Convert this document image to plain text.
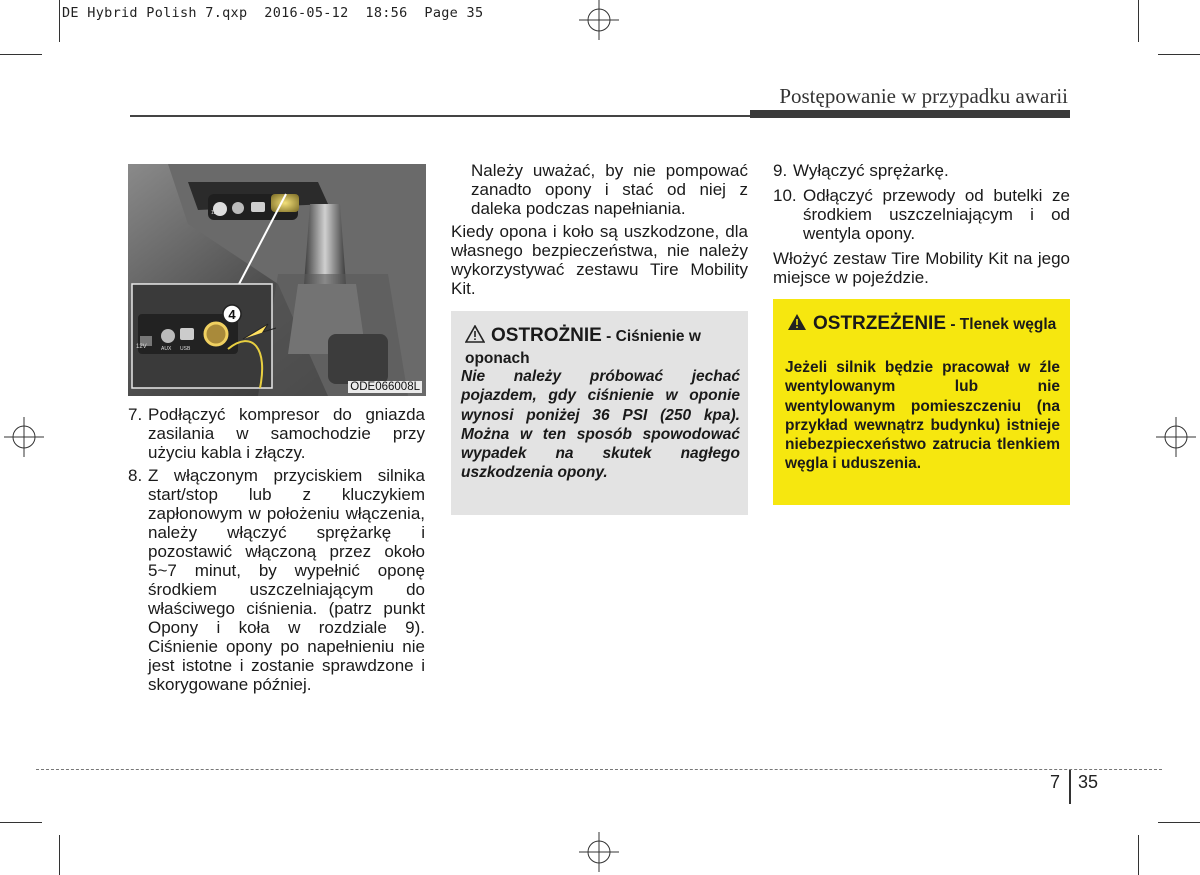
DE Hybrid Polish 7.qxp  2016-05-12  18:56  Page 35
Postępowanie w przypadku awarii
4
12V	AUX USB
12V
ODE066008L
7. Podłączyć kompresor do gniazda zasilania w samochodzie przy użyciu kabla i złączy.
8. Z włączonym przyciskiem silnika start/stop lub z kluczykiem zapłonowym w położeniu włączenia, należy włączyć sprężarkę i pozostawić włączoną przez około 5~7 minut, by wypełnić oponę środkiem uszczelniającym do właściwego ciśnienia. (patrz punkt Opony i koła w rozdziale 9). Ciśnienie opony po napełnieniu nie jest istotne i zostanie sprawdzone i skorygowane później.

Należy uważać, by nie pompować zanadto opony i stać od niej z daleka podczas napełniania.

Kiedy opona i koło są uszkodzone, dla własnego bezpieczeństwa, nie należy wykorzystywać zestawu Tire Mobility Kit.

OSTROŻNIE - Ciśnienie w oponach
Nie należy próbować jechać pojazdem, gdy ciśnienie w oponie wynosi poniżej 36 PSI (250 kpa). Można w ten sposób spowodować wypadek na skutek nagłego uszkodzenia opony.
9. Wyłączyć sprężarkę.
10. Odłączyć przewody od butelki ze środkiem uszczelniającym i od wentyla opony.

Włożyć zestaw Tire Mobility Kit na jego miejsce w pojeździe.

OSTRZEŻENIE - Tlenek węgla
Jeżeli silnik będzie pracował w źle wentylowanym lub nie wentylowanym pomieszczeniu (na przykład wewnątrz budynku) istnieje niebezpiecxeństwo zatrucia tlenkiem węgla i uduszenia.
7 35
